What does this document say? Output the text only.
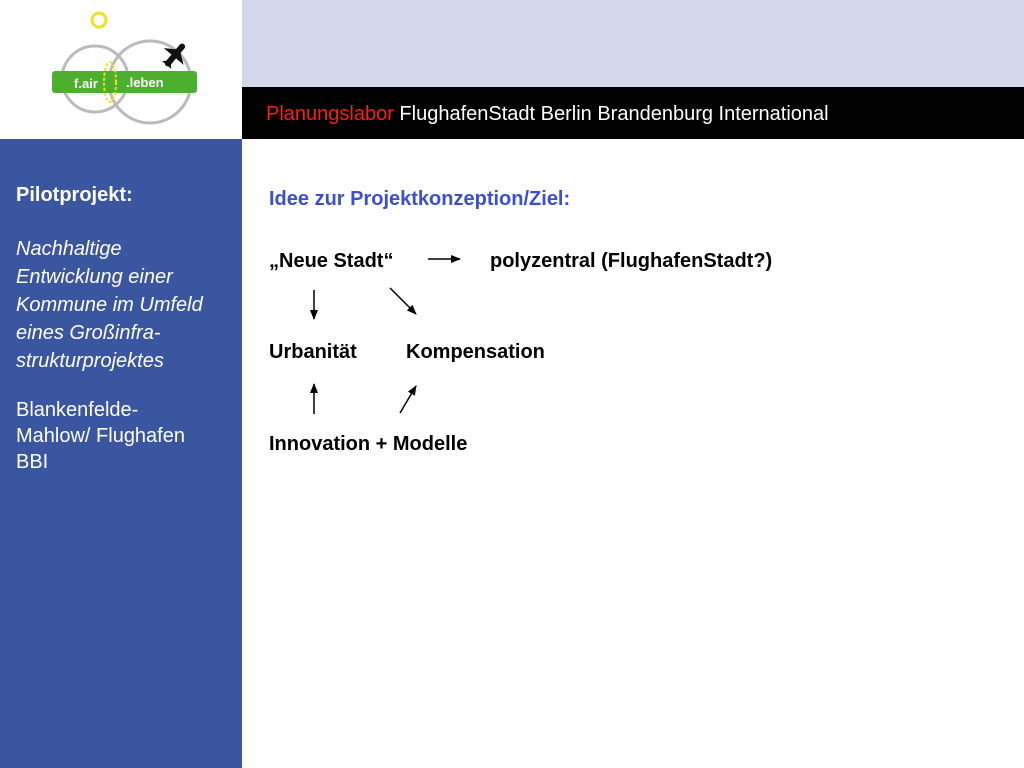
f.air .leben
Planungslabor FlughafenStadt Berlin Brandenburg International
Pilotprojekt:
Nachhaltige
Entwicklung einer
Kommune im Umfeld
eines Großinfra-
strukturprojektes
Blankenfelde-
Mahlow/ Flughafen
BBI
Idee zur Projektkonzeption/Ziel:
„Neue Stadt“	polyzentral (FlughafenStadt?)
Urbanität Kompensation
Innovation + Modelle
